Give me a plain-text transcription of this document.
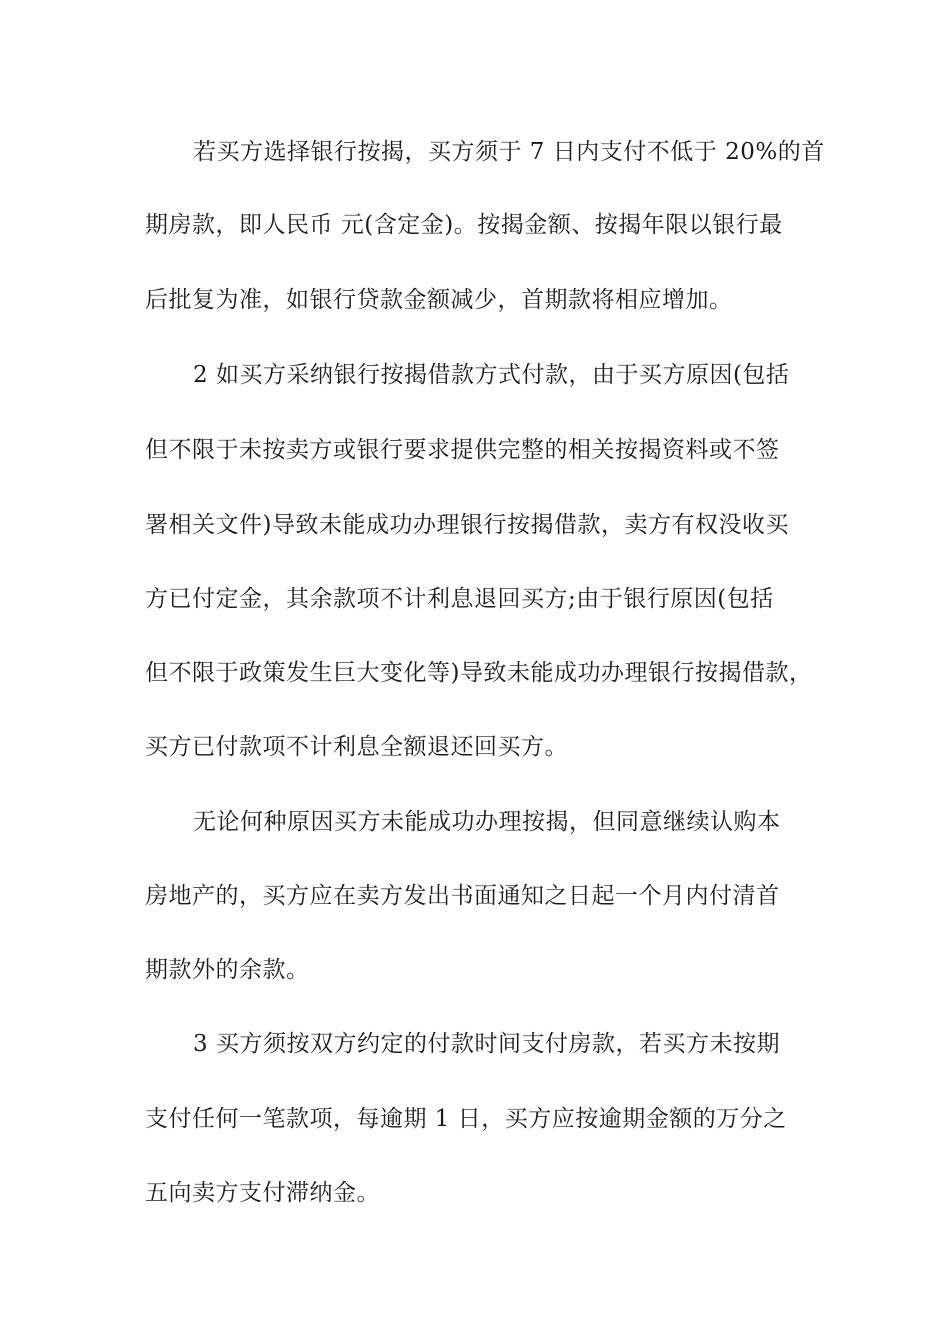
若买方选择银行按揭，买方须于 7 日内支付不低于 20%的首
期房款，即人民币 元(含定金)。按揭金额、按揭年限以银行最
后批复为准，如银行贷款金额减少，首期款将相应增加。
2 如买方采纳银行按揭借款方式付款，由于买方原因(包括
但不限于未按卖方或银行要求提供完整的相关按揭资料或不签
署相关文件)导致未能成功办理银行按揭借款，卖方有权没收买
方已付定金，其余款项不计利息退回买方;由于银行原因(包括
但不限于政策发生巨大变化等)导致未能成功办理银行按揭借款，
买方已付款项不计利息全额退还回买方。
无论何种原因买方未能成功办理按揭，但同意继续认购本
房地产的，买方应在卖方发出书面通知之日起一个月内付清首
期款外的余款。
3 买方须按双方约定的付款时间支付房款，若买方未按期
支付任何一笔款项，每逾期 1 日，买方应按逾期金额的万分之
五向卖方支付滞纳金。
